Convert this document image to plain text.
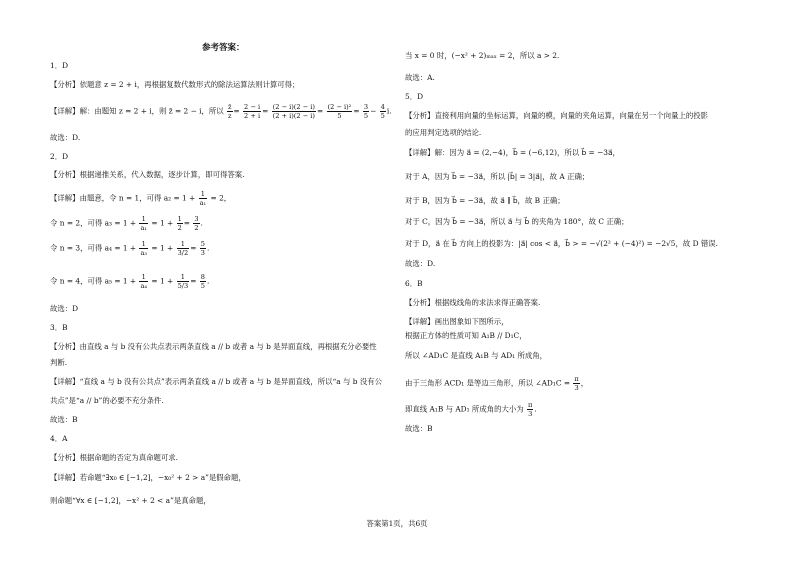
参考答案：
1．D
【分析】依题意 z = 2 + i，再根据复数代数形式的除法运算法则计算可得；
【详解】解：由题知 z = 2 + i，则 z̄ = 2 − i，所以 $\frac{z̄}{z} = \frac{2 - i}{2 + i} = \frac{(2 - i)(2 - i)}{(2 + i)(2 - i)} = \frac{\text{(2 − i)²}}{5} = \frac{3}{5} - \frac{4}{5} i$.
故选：D.
2．D
【分析】根据递推关系，代入数据，逐步计算，即可得答案.
【详解】由题意，令 n = 1，可得 $a_2 = 1 + \frac{1}{\text{a₁}} = 2$，
令 n = 2，可得 $a_3 = 1 + \frac{1}{\text{a₁}} = 1 + \frac{1}{2} = \frac{3}{2}$ .
令 n = 3，可得 $a_4 = 1 + \frac{1}{\text{a₃}} = 1 + \frac{1}{3/2} = \frac{5}{3}$ .
令 n = 4，可得 $a_5 = 1 + \frac{1}{\text{a₄}} = 1 + \frac{1}{5/3} = \frac{8}{5}$ .
故选：D
3．B
【分析】由直线 a 与 b 没有公共点表示两条直线 a // b 或者 a 与 b 是异面直线，再根据充分必要性
判断.
【详解】“直线 a 与 b 没有公共点”表示两条直线 a // b 或者 a 与 b 是异面直线，所以“a 与 b 没有公
共点”是“a // b”的必要不充分条件.
故选：B
4．A
【分析】根据命题的否定为真命题可求.
【详解】若命题“∃x₀ ∈ [−1,2]，−x₀² + 2 > a”是假命题，
则命题“∀x ∈ [−1,2]，−x² + 2 < a”是真命题，
当 x = 0 时，(−x² + 2)ₘₐₓ = 2，所以 a > 2.
故选：A.
5．D
【分析】直接利用向量的坐标运算，向量的模，向量的夹角运算，向量在另一个向量上的投影
的应用判定选项的结论.
【详解】解：因为 a⃗ = (2,−4)，b⃗ = (−6,12)，所以 b⃗ = −3a⃗，
对于 A，因为 b⃗ = −3a⃗，所以 |b⃗| = 3|a⃗|，故 A 正确；
对于 B，因为 b⃗ = −3a⃗，故 a⃗ ∥ b⃗，故 B 正确；
对于 C，因为 b⃗ = −3a⃗，所以 a⃗ 与 b⃗ 的夹角为 180°，故 C 正确；
对于 D，a⃗ 在 b⃗ 方向上的投影为：|a⃗| cos < a⃗，b⃗ > = −√(2² + (−4)²) = −2√5，故 D 错误.
故选：D.
6．B
【分析】根据线线角的求法求得正确答案.
【详解】画出图象如下图所示，
根据正方体的性质可知 A₁B // D₁C，
所以 ∠AD₁C 是直线 A₁B 与 AD₁ 所成角，
由于三角形 ACD₁ 是等边三角形，所以 ∠AD₁C = $\frac{\pi}{3}$ ，
即直线 A₁B 与 AD₁ 所成角的大小为 $\frac{\pi}{3}$ .
故选：B
答案第1页，共6页
